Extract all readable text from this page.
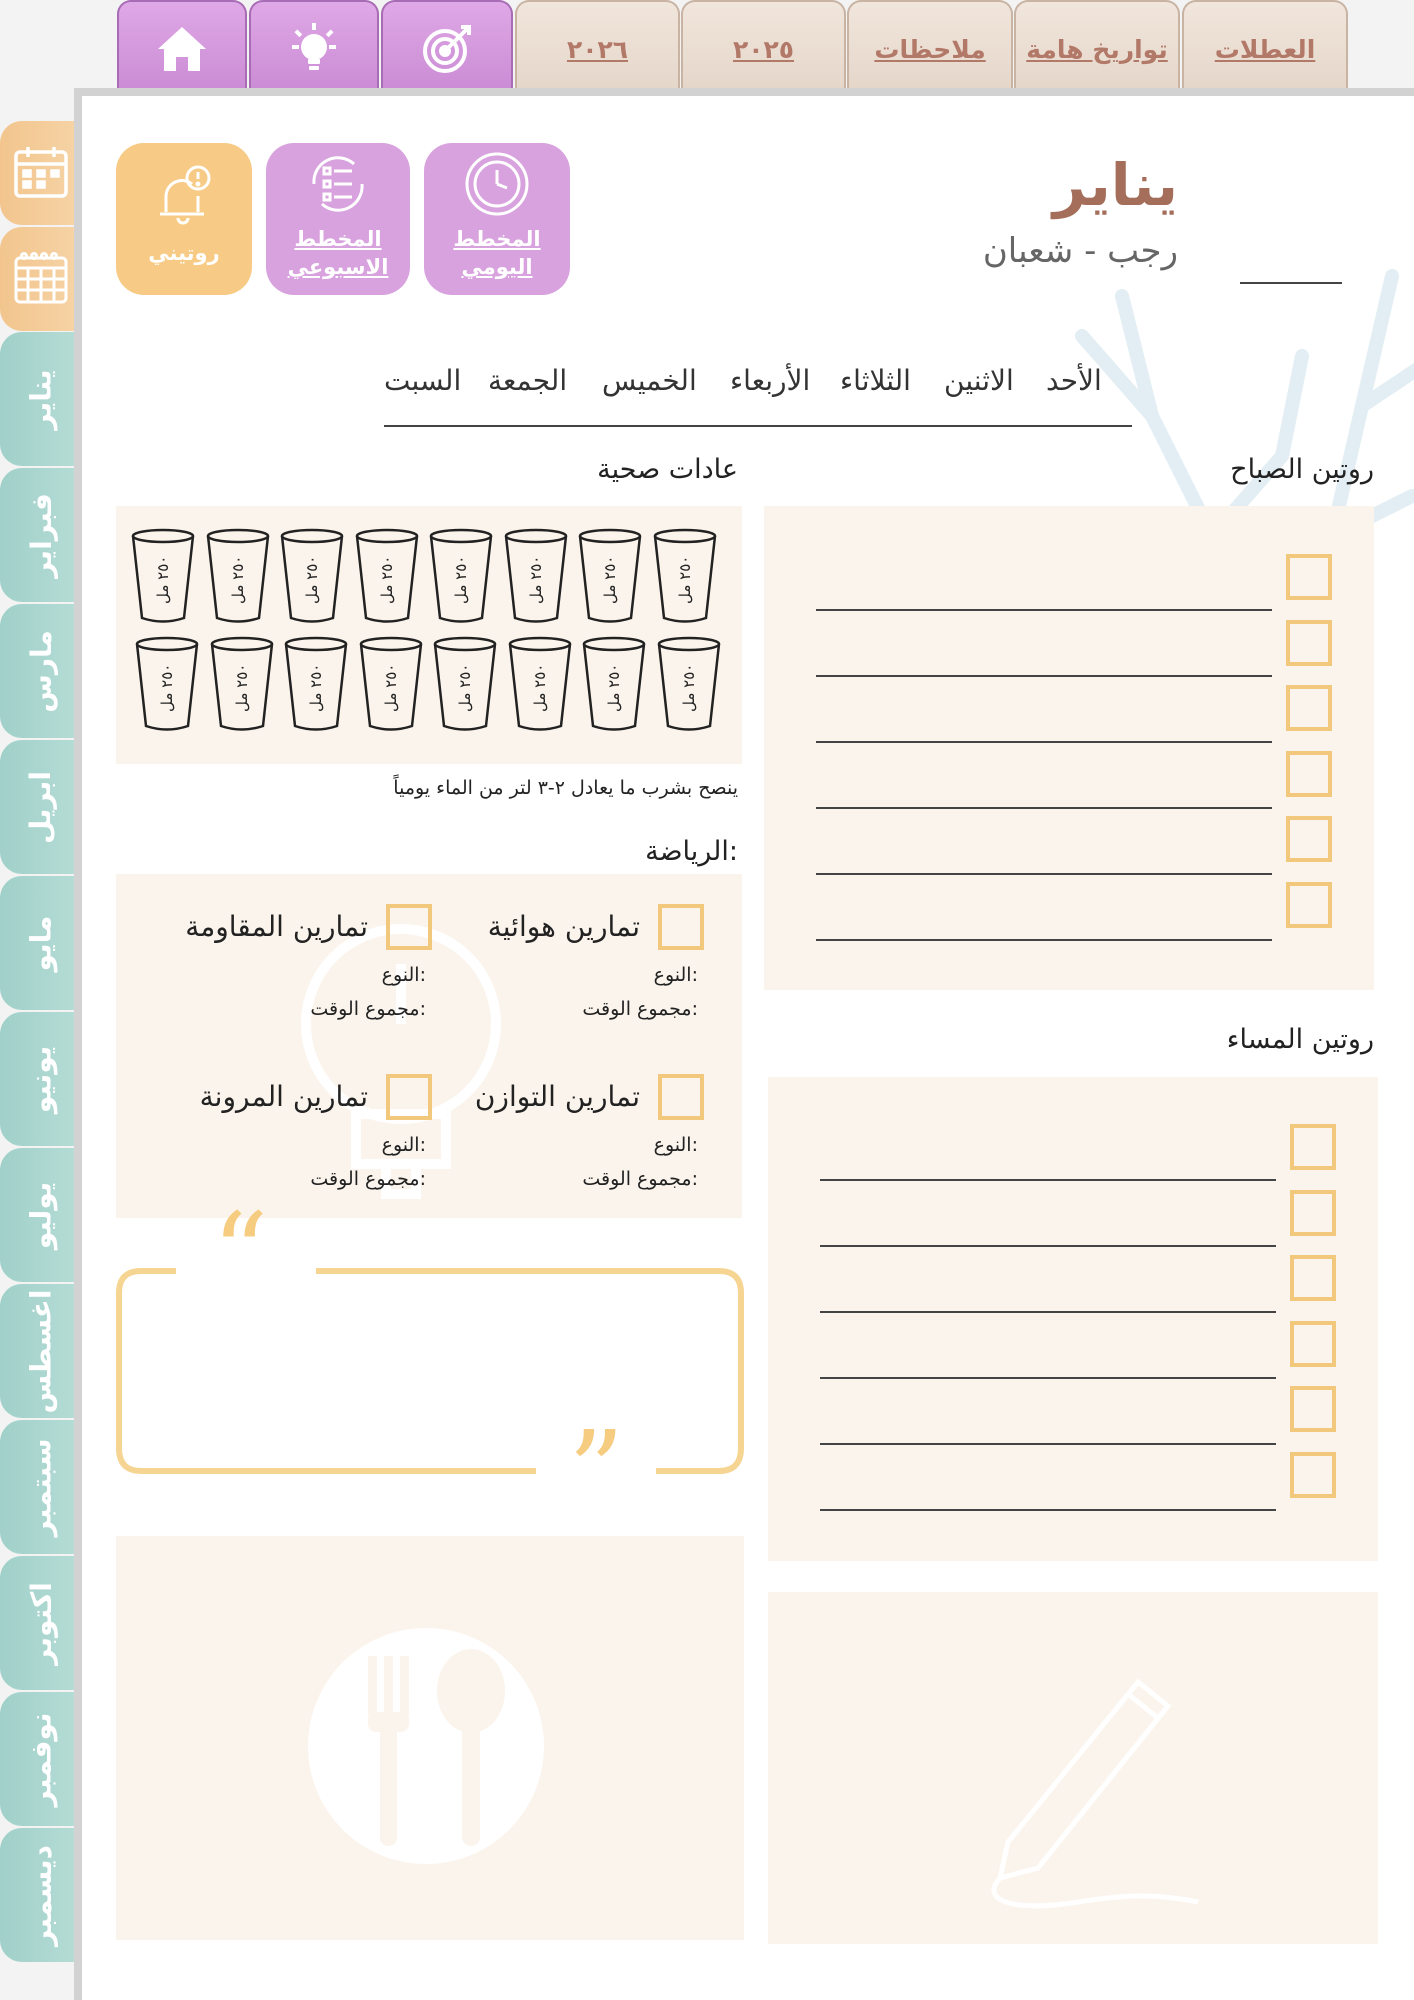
العطلات
تواريخ هامة
ملاحظات
٢٠٢٥
٢٠٢٦
يناير
فبراير
مارس
ابريل
مايو
يونيو
يوليو
اغسطس
سبتمبر
اكتوبر
نوفمبر
ديسمبر
يناير
رجب - شعبان
المخطط
اليومي
المخطط
الاسبوعي
روتيني
الأحد
الاثنين
الثلاثاء
الأربعاء
الخميس
الجمعة
السبت
روتين الصباح
روتين المساء
عادات صحية
٢٥٠ مل
٢٥٠ مل
٢٥٠ مل
٢٥٠ مل
٢٥٠ مل
٢٥٠ مل
٢٥٠ مل
٢٥٠ مل
٢٥٠ مل
٢٥٠ مل
٢٥٠ مل
٢٥٠ مل
٢٥٠ مل
٢٥٠ مل
٢٥٠ مل
٢٥٠ مل
ينصح بشرب ما يعادل ٢-٣ لتر من الماء يومياً
الرياضة:
تمارين هوائية
النوع:
مجموع الوقت:
تمارين المقاومة
النوع:
مجموع الوقت:
تمارين التوازن
النوع:
مجموع الوقت:
تمارين المرونة
النوع:
مجموع الوقت:
“
”
